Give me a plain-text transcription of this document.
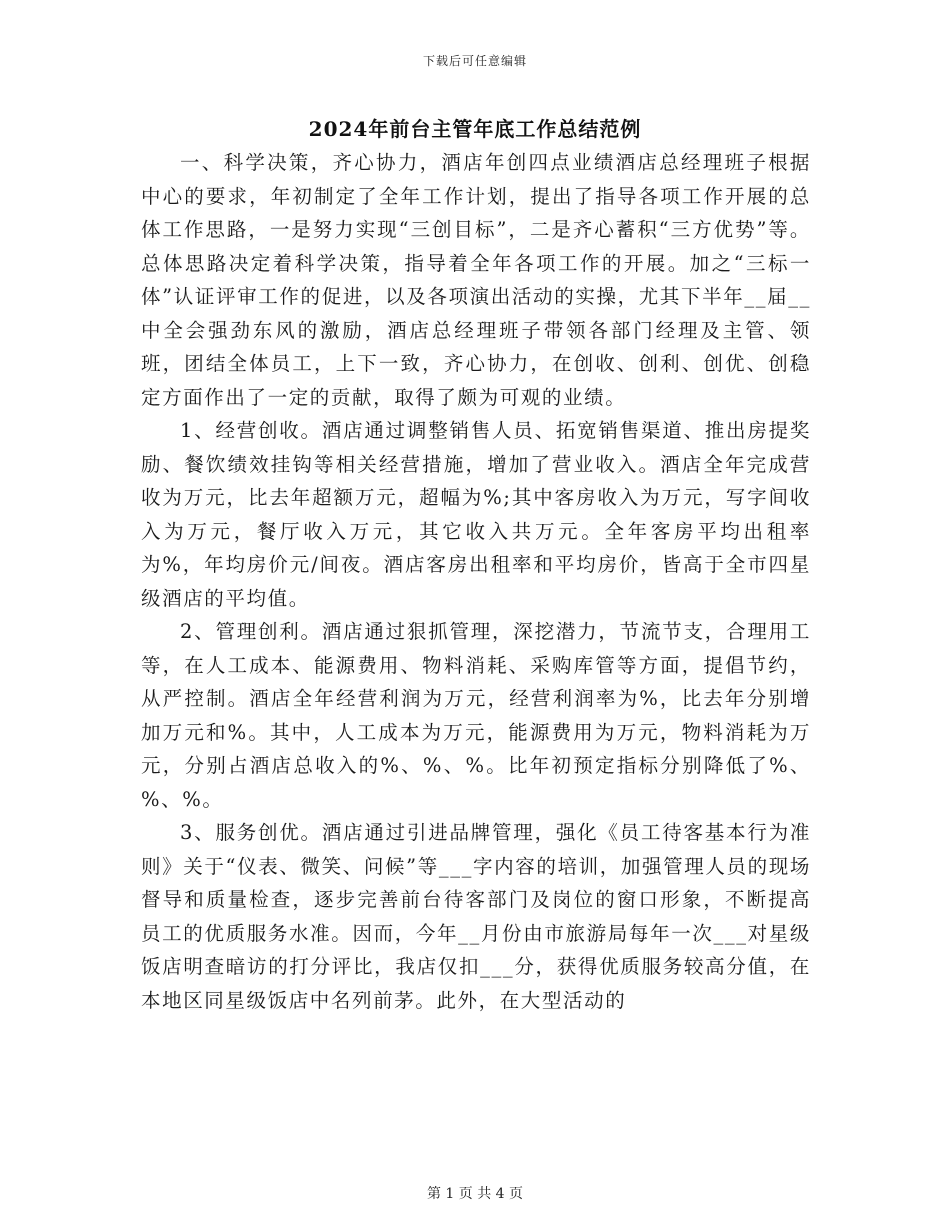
下载后可任意编辑
2024年前台主管年底工作总结范例

一、科学决策，齐心协力，酒店年创四点业绩酒店总经理班子根据中心的要求，年初制定了全年工作计划，提出了指导各项工作开展的总体工作思路，一是努力实现“三创目标”，二是齐心蓄积“三方优势”等。总体思路决定着科学决策，指导着全年各项工作的开展。加之“三标一体”认证评审工作的促进，以及各项演出活动的实操，尤其下半年__届__中全会强劲东风的激励，酒店总经理班子带领各部门经理及主管、领班，团结全体员工，上下一致，齐心协力，在创收、创利、创优、创稳定方面作出了一定的贡献，取得了颇为可观的业绩。

1、经营创收。酒店通过调整销售人员、拓宽销售渠道、推出房提奖励、餐饮绩效挂钩等相关经营措施，增加了营业收入。酒店全年完成营收为万元，比去年超额万元，超幅为%;其中客房收入为万元，写字间收入为万元，餐厅收入万元，其它收入共万元。全年客房平均出租率为%，年均房价元/间夜。酒店客房出租率和平均房价，皆高于全市四星级酒店的平均值。

2、管理创利。酒店通过狠抓管理，深挖潜力，节流节支，合理用工等，在人工成本、能源费用、物料消耗、采购库管等方面，提倡节约，从严控制。酒店全年经营利润为万元，经营利润率为%，比去年分别增加万元和%。其中，人工成本为万元，能源费用为万元，物料消耗为万元，分别占酒店总收入的%、%、%。比年初预定指标分别降低了%、%、%。

3、服务创优。酒店通过引进品牌管理，强化《员工待客基本行为准则》关于“仪表、微笑、问候”等___字内容的培训，加强管理人员的现场督导和质量检查，逐步完善前台待客部门及岗位的窗口形象，不断提高员工的优质服务水准。因而，今年__月份由市旅游局每年一次___对星级饭店明查暗访的打分评比，我店仅扣___分，获得优质服务较高分值，在本地区同星级饭店中名列前茅。此外，在大型活动的

第 1 页 共 4 页
